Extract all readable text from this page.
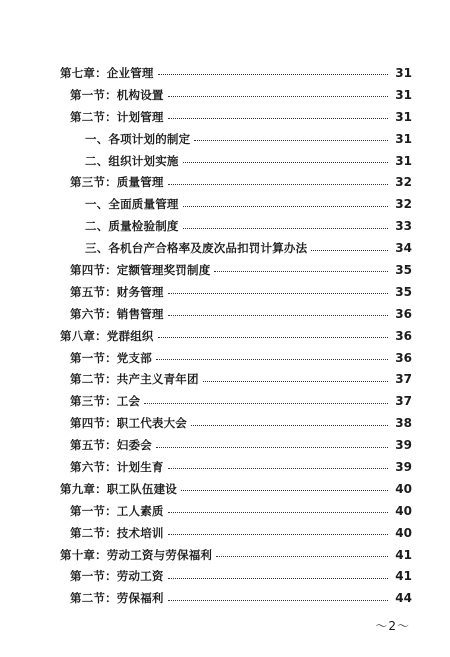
第七章：企业管理	31
第一节：机构设置	31
第二节：计划管理	31
一、各项计划的制定	31
二、组织计划实施	31
第三节：质量管理	32
一、全面质量管理	32
二、质量检验制度	33
三、各机台产合格率及废次品扣罚计算办法	34
第四节：定额管理奖罚制度	35
第五节：财务管理	35
第六节：销售管理	36
第八章：党群组织	36
第一节：党支部	36
第二节：共产主义青年团	37
第三节：工会	37
第四节：职工代表大会	38
第五节：妇委会	39
第六节：计划生育	39
第九章：职工队伍建设	40
第一节：工人素质	40
第二节：技术培训	40
第十章：劳动工资与劳保福利	41
第一节：劳动工资	41
第二节：劳保福利	44
～2～
